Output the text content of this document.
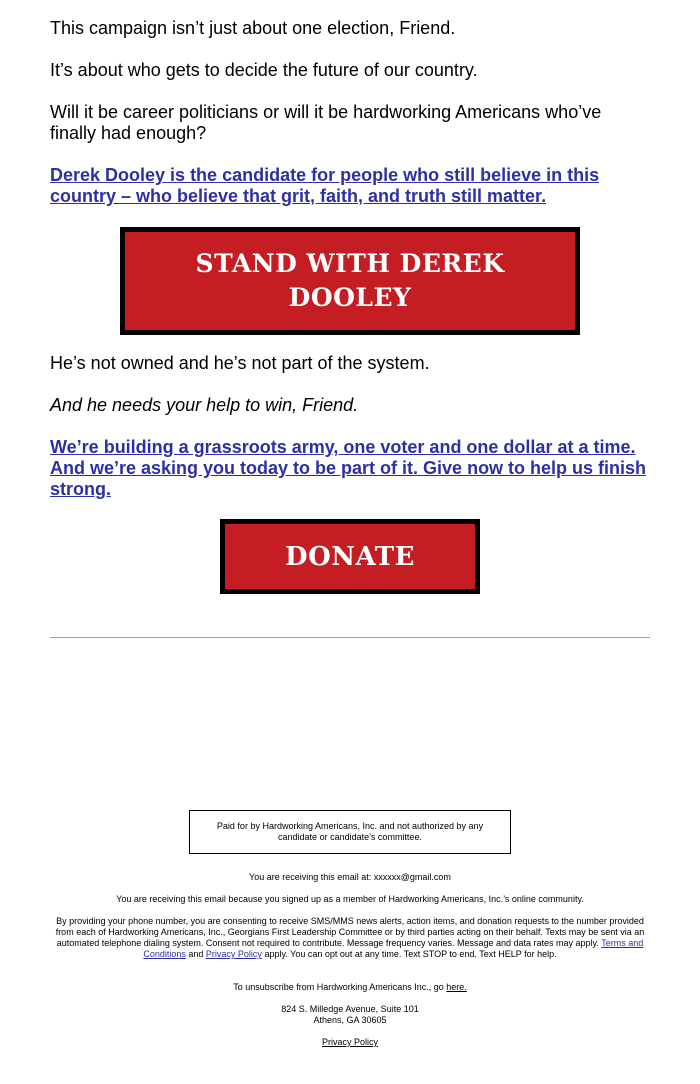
This campaign isn’t just about one election, Friend.

It’s about who gets to decide the future of our country.

Will it be career politicians or will it be hardworking Americans who’ve finally had enough?

Derek Dooley is the candidate for people who still believe in this country – who believe that grit, faith, and truth still matter.

He’s not owned and he’s not part of the system.

And he needs your help to win, Friend.

We’re building a grassroots army, one voter and one dollar at a time. And we’re asking you today to be part of it. Give now to help us finish strong.
STAND WITH DEREK DOOLEY
DONATE
Paid for by Hardworking Americans, Inc. and not authorized by any candidate or candidate’s committee.
You are receiving this email at: xxxxxx@gmail.com
You are receiving this email because you signed up as a member of Hardworking Americans, Inc.’s online community.
By providing your phone number, you are consenting to receive SMS/MMS news alerts, action items, and donation requests to the number provided from each of Hardworking Americans, Inc., Georgians First Leadership Committee or by third parties acting on their behalf. Texts may be sent via an automated telephone dialing system. Consent not required to contribute. Message frequency varies. Message and data rates may apply. Terms and Conditions and Privacy Policy apply. You can opt out at any time. Text STOP to end. Text HELP for help.
To unsubscribe from Hardworking Americans Inc., go here.
824 S. Milledge Avenue, Suite 101
Athens, GA 30605
Privacy Policy
